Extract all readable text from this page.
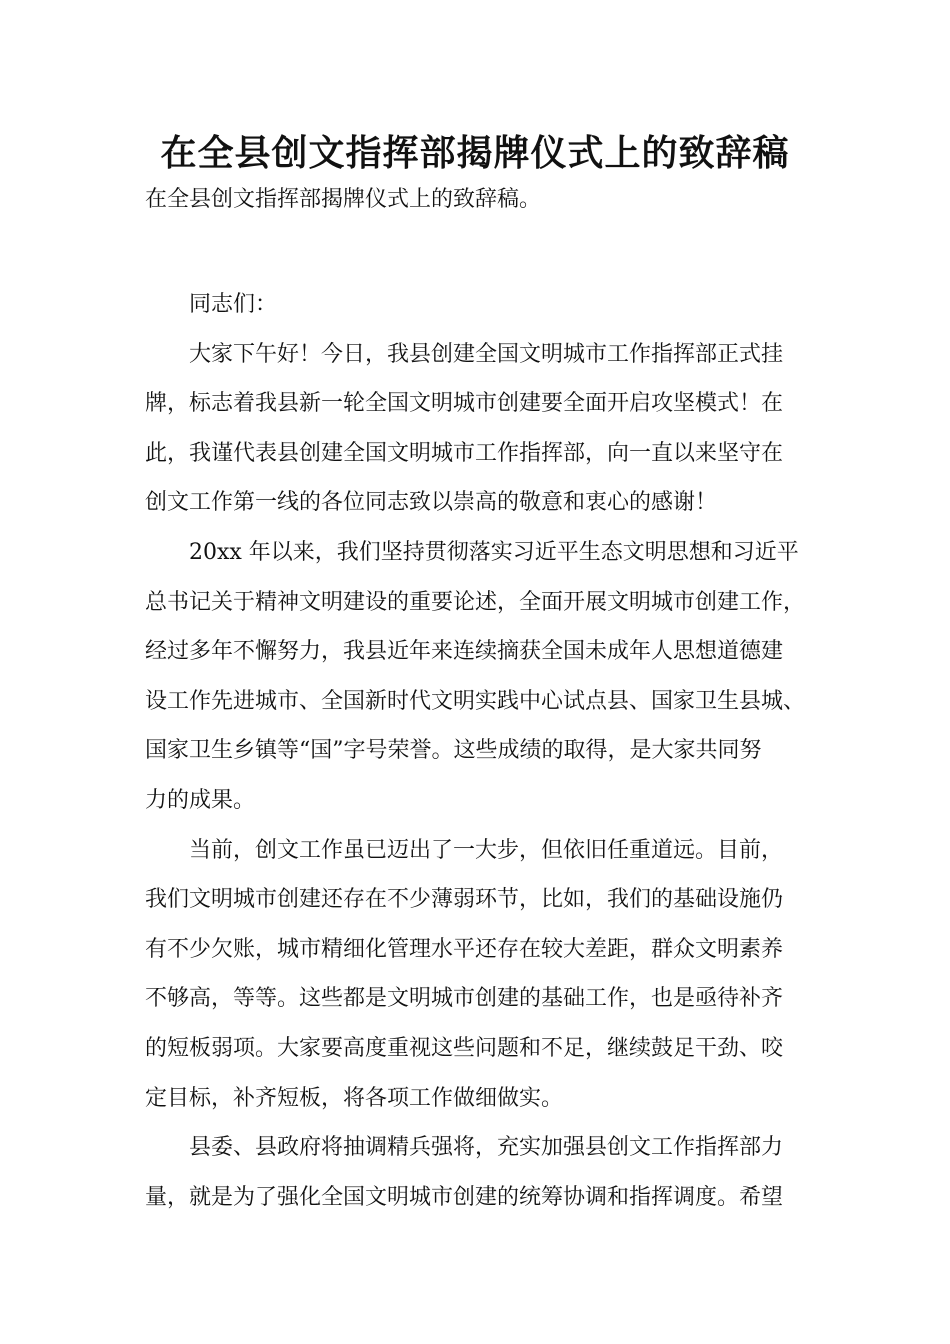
在全县创文指挥部揭牌仪式上的致辞稿

在全县创文指挥部揭牌仪式上的致辞稿。

同志们：

大家下午好！今日，我县创建全国文明城市工作指挥部正式挂

牌，标志着我县新一轮全国文明城市创建要全面开启攻坚模式！在

此，我谨代表县创建全国文明城市工作指挥部，向一直以来坚守在

创文工作第一线的各位同志致以崇高的敬意和衷心的感谢！

20xx 年以来，我们坚持贯彻落实习近平生态文明思想和习近平

总书记关于精神文明建设的重要论述，全面开展文明城市创建工作，

经过多年不懈努力，我县近年来连续摘获全国未成年人思想道德建

设工作先进城市、全国新时代文明实践中心试点县、国家卫生县城、

国家卫生乡镇等“国”字号荣誉。这些成绩的取得，是大家共同努

力的成果。

当前，创文工作虽已迈出了一大步，但依旧任重道远。目前，

我们文明城市创建还存在不少薄弱环节，比如，我们的基础设施仍

有不少欠账，城市精细化管理水平还存在较大差距，群众文明素养

不够高，等等。这些都是文明城市创建的基础工作，也是亟待补齐

的短板弱项。大家要高度重视这些问题和不足，继续鼓足干劲、咬

定目标，补齐短板，将各项工作做细做实。

县委、县政府将抽调精兵强将，充实加强县创文工作指挥部力

量，就是为了强化全国文明城市创建的统筹协调和指挥调度。希望
